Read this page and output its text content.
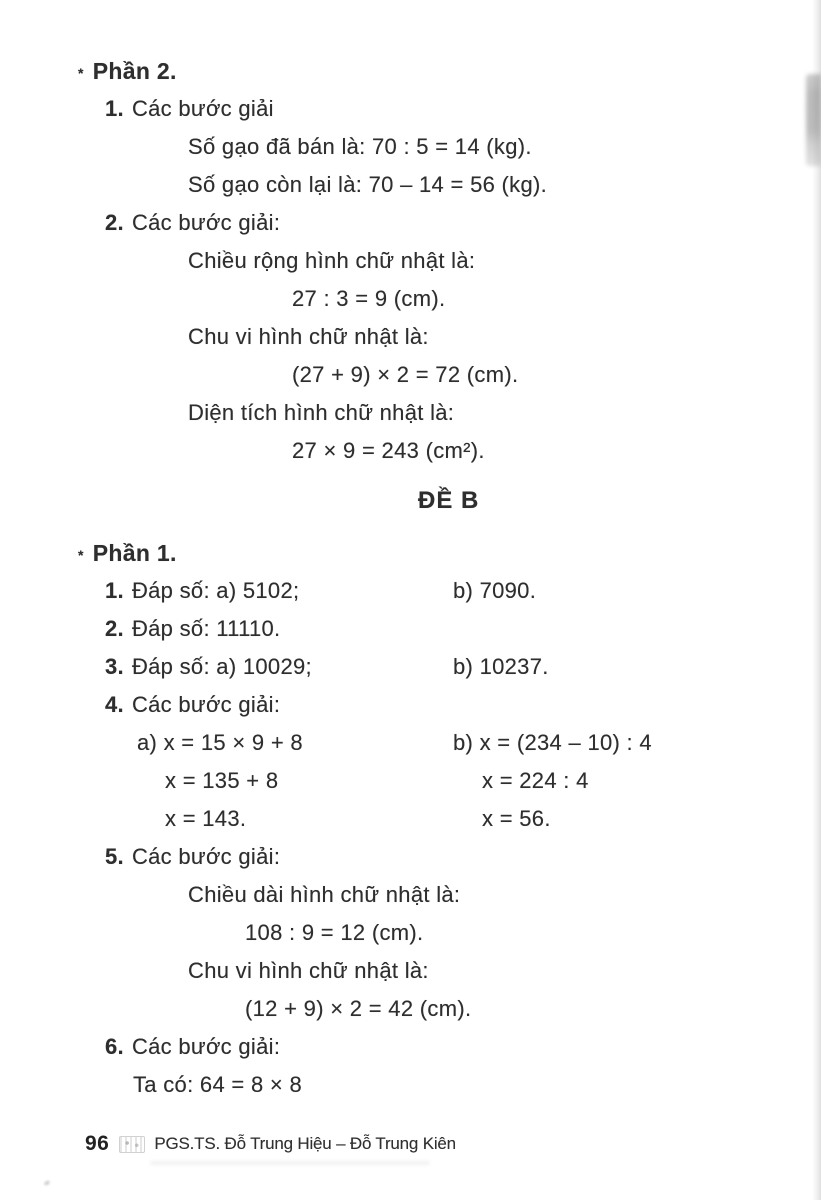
* Phần 2.

1. Các bước giải

Số gạo đã bán là: 70 : 5 = 14 (kg).

Số gạo còn lại là: 70 – 14 = 56 (kg).

2. Các bước giải:

Chiều rộng hình chữ nhật là:

27 : 3 = 9 (cm).

Chu vi hình chữ nhật là:

(27 + 9) × 2 = 72 (cm).

Diện tích hình chữ nhật là:

27 × 9 = 243 (cm²).

ĐỀ B

* Phần 1.

1. Đáp số: a) 5102;	b) 7090.

2. Đáp số: 11110.

3. Đáp số: a) 10029;	b) 10237.

4. Các bước giải:

a) x = 15 × 9 + 8	b) x = (234 – 10) : 4

x = 135 + 8	x = 224 : 4

x = 143.	x = 56.

5. Các bước giải:

Chiều dài hình chữ nhật là:

108 : 9 = 12 (cm).

Chu vi hình chữ nhật là:

(12 + 9) × 2 = 42 (cm).

6. Các bước giải:

Ta có: 64 = 8 × 8

96	PGS.TS. Đỗ Trung Hiệu – Đỗ Trung Kiên
